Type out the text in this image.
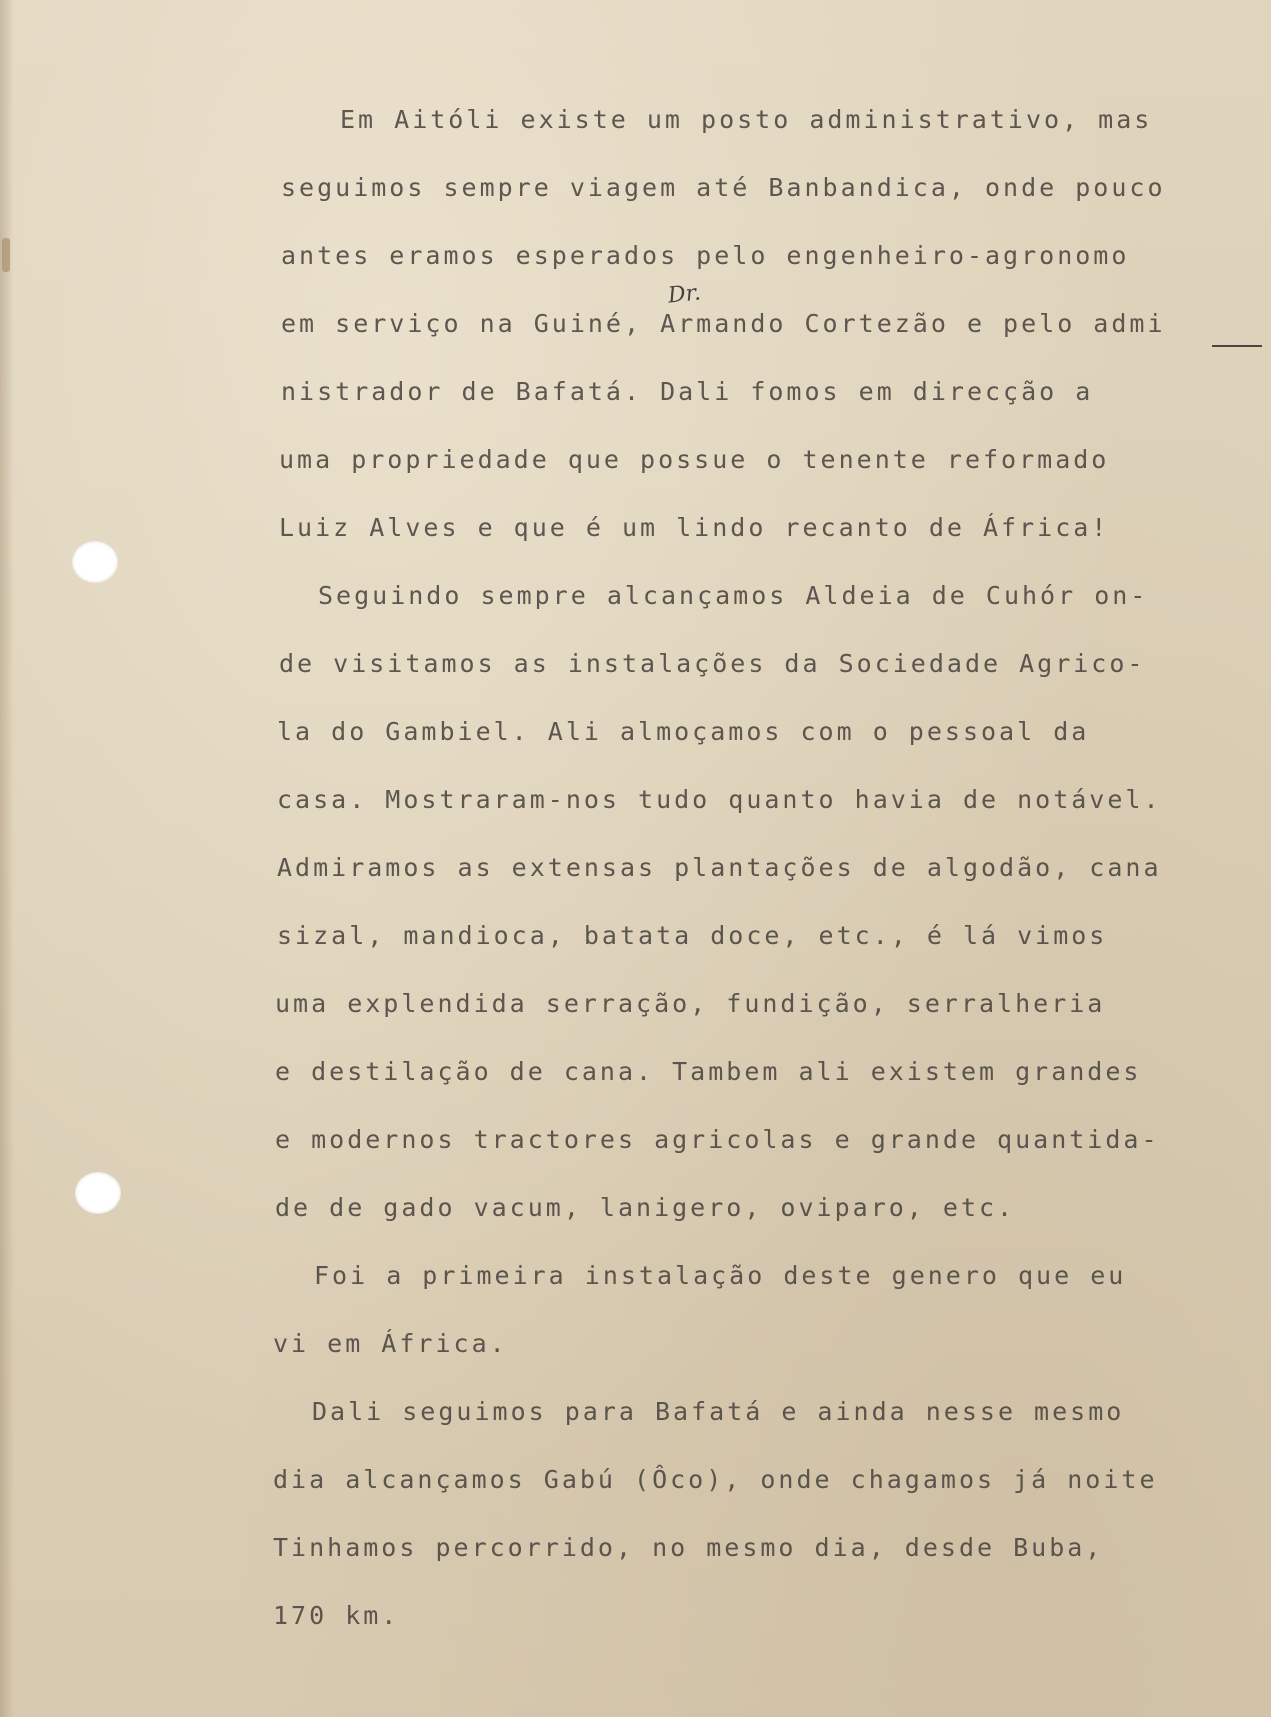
Dr.

Em Aitóli existe um posto administrativo, mas

seguimos sempre viagem até Banbandica, onde pouco

antes eramos esperados pelo engenheiro-agronomo

em serviço na Guiné, Armando Cortezão e pelo admi

nistrador de Bafatá. Dali fomos em direcção a

uma propriedade que possue o tenente reformado

Luiz Alves e que é um lindo recanto de África!

Seguindo sempre alcançamos Aldeia de Cuhór on-

de visitamos as instalações da Sociedade Agrico-

la do Gambiel. Ali almoçamos com o pessoal da

casa. Mostraram-nos tudo quanto havia de notável.

Admiramos as extensas plantações de algodão, cana

sizal, mandioca, batata doce, etc., é lá vimos

uma explendida serração, fundição, serralheria

e destilação de cana. Tambem ali existem grandes

e modernos tractores agricolas e grande quantida-

de de gado vacum, lanigero, oviparo, etc.

Foi a primeira instalação deste genero que eu

vi em África.

Dali seguimos para Bafatá e ainda nesse mesmo

dia alcançamos Gabú (Ôco), onde chagamos já noite

Tinhamos percorrido, no mesmo dia, desde Buba,

170 km.
